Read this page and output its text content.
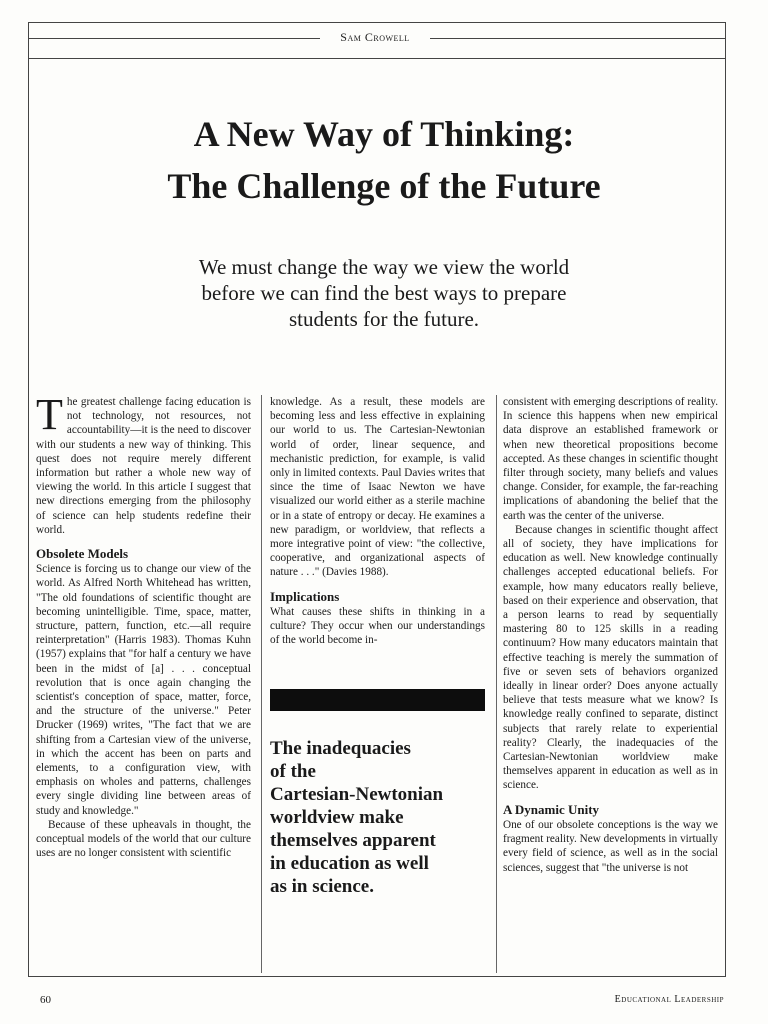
Sam Crowell
A New Way of Thinking:
The Challenge of the Future

We must change the way we view the world
before we can find the best ways to prepare
students for the future.

The greatest challenge facing education is not technology, not resources, not accountability—it is the need to discover with our students a new way of thinking. This quest does not require merely different information but rather a whole new way of viewing the world. In this article I suggest that new directions emerging from the philosophy of science can help students redefine their world.

Obsolete Models

Science is forcing us to change our view of the world. As Alfred North Whitehead has written, "The old foundations of scientific thought are becoming unintelligible. Time, space, matter, structure, pattern, function, etc.—all require reinterpretation" (Harris 1983). Thomas Kuhn (1957) explains that "for half a century we have been in the midst of [a] . . . conceptual revolution that is once again changing the scientist's conception of space, matter, force, and the structure of the universe." Peter Drucker (1969) writes, "The fact that we are shifting from a Cartesian view of the universe, in which the accent has been on parts and elements, to a configuration view, with emphasis on wholes and patterns, challenges every single dividing line between areas of study and knowledge."

Because of these upheavals in thought, the conceptual models of the world that our culture uses are no longer consistent with scientific

knowledge. As a result, these models are becoming less and less effective in explaining our world to us. The Cartesian-Newtonian world of order, linear sequence, and mechanistic prediction, for example, is valid only in limited contexts. Paul Davies writes that since the time of Isaac Newton we have visualized our world either as a sterile machine or in a state of entropy or decay. He examines a new paradigm, or worldview, that reflects a more integrative point of view: "the collective, cooperative, and organizational aspects of nature . . ." (Davies 1988).

Implications

What causes these shifts in thinking in a culture? They occur when our understandings of the world become in-

The inadequacies
of the
Cartesian-Newtonian
worldview make
themselves apparent
in education as well
as in science.

consistent with emerging descriptions of reality. In science this happens when new empirical data disprove an established framework or when new theoretical propositions become accepted. As these changes in scientific thought filter through society, many beliefs and values change. Consider, for example, the far-reaching implications of abandoning the belief that the earth was the center of the universe.

Because changes in scientific thought affect all of society, they have implications for education as well. New knowledge continually challenges accepted educational beliefs. For example, how many educators really believe, based on their experience and observation, that a person learns to read by sequentially mastering 80 to 125 skills in a reading continuum? How many educators maintain that effective teaching is merely the summation of five or seven sets of behaviors organized ideally in linear order? Does anyone actually believe that tests measure what we know? Is knowledge really confined to separate, distinct subjects that rarely relate to experiential reality? Clearly, the inadequacies of the Cartesian-Newtonian worldview make themselves apparent in education as well as in science.

A Dynamic Unity

One of our obsolete conceptions is the way we fragment reality. New developments in virtually every field of science, as well as in the social sciences, suggest that "the universe is not

60	Educational Leadership
